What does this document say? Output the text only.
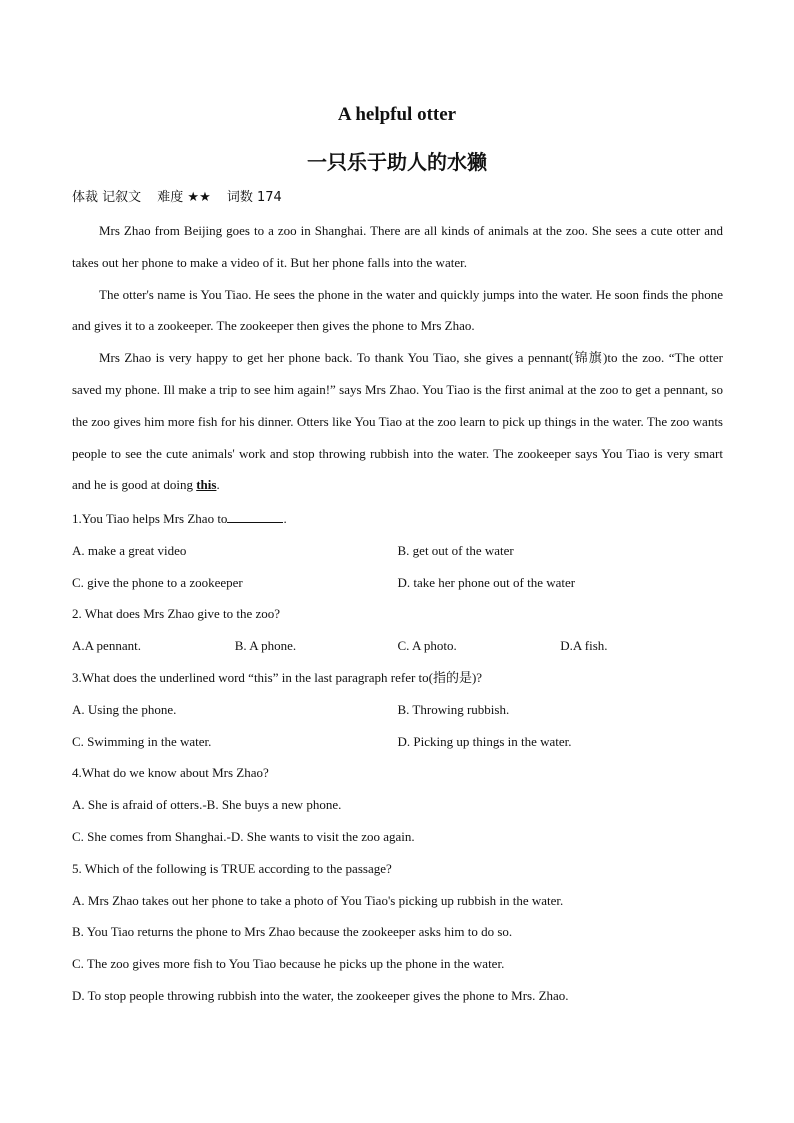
A helpful otter
一只乐于助人的水獭
体裁 记叙文 难度 ★★ 词数 174

Mrs Zhao from Beijing goes to a zoo in Shanghai. There are all kinds of animals at the zoo. She sees a cute otter and takes out her phone to make a video of it. But her phone falls into the water.

The otter's name is You Tiao. He sees the phone in the water and quickly jumps into the water. He soon finds the phone and gives it to a zookeeper. The zookeeper then gives the phone to Mrs Zhao.

Mrs Zhao is very happy to get her phone back. To thank You Tiao, she gives a pennant(锦旗)to the zoo. “The otter saved my phone. Ill make a trip to see him again!” says Mrs Zhao. You Tiao is the first animal at the zoo to get a pennant, so the zoo gives him more fish for his dinner. Otters like You Tiao at the zoo learn to pick up things in the water. The zoo wants people to see the cute animals' work and stop throwing rubbish into the water. The zookeeper says You Tiao is very smart and he is good at doing this.

1.You Tiao helps Mrs Zhao to	.
A. make a great video	B. get out of the water
C. give the phone to a zookeeper	D. take her phone out of the water
2. What does Mrs Zhao give to the zoo?
A.A pennant.	B. A phone.	C. A photo.	D.A fish.
3.What does the underlined word “this” in the last paragraph refer to(指的是)?
A. Using the phone.	B. Throwing rubbish.
C. Swimming in the water.	D. Picking up things in the water.
4.What do we know about Mrs Zhao?
A. She is afraid of otters.-B. She buys a new phone.
C. She comes from Shanghai.-D. She wants to visit the zoo again.
5. Which of the following is TRUE according to the passage?
A. Mrs Zhao takes out her phone to take a photo of You Tiao's picking up rubbish in the water.
B. You Tiao returns the phone to Mrs Zhao because the zookeeper asks him to do so.
C. The zoo gives more fish to You Tiao because he picks up the phone in the water.
D. To stop people throwing rubbish into the water, the zookeeper gives the phone to Mrs. Zhao.
